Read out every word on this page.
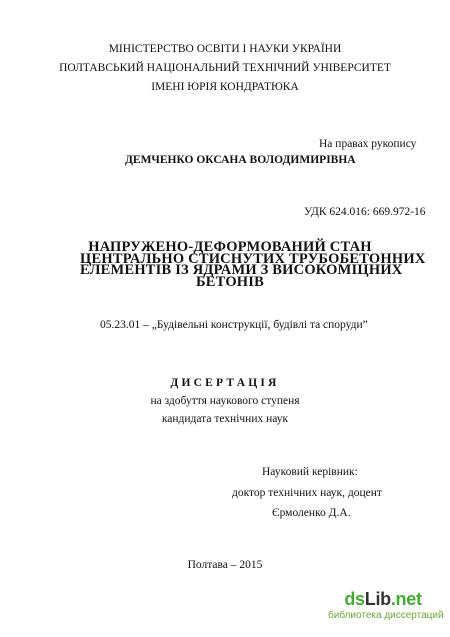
МІНІСТЕРСТВО ОСВІТИ І НАУКИ УКРАЇНИ
ПОЛТАВСЬКИЙ НАЦІОНАЛЬНИЙ ТЕХНІЧНИЙ УНІВЕРСИТЕТ
ІМЕНІ ЮРІЯ КОНДРАТЮКА
На правах рукопису
ДЕМЧЕНКО ОКСАНА ВОЛОДИМИРІВНА
УДК 624.016: 669.972-16
НАПРУЖЕНО-ДЕФОРМОВАНИЙ СТАН
ЦЕНТРАЛЬНО СТИСНУТИХ ТРУБОБЕТОННИХ
ЕЛЕМЕНТІВ ІЗ ЯДРАМИ З ВИСОКОМІЦНИХ
БЕТОНІВ
05.23.01 – „Будівельні конструкції, будівлі та споруди”
ДИСЕРТАЦІЯ
на здобуття наукового ступеня
кандидата технічних наук
Науковий керівник:
доктор технічних наук, доцент
Єрмоленко Д.А.
Полтава – 2015
dsLib.net
библиотека диссертаций
